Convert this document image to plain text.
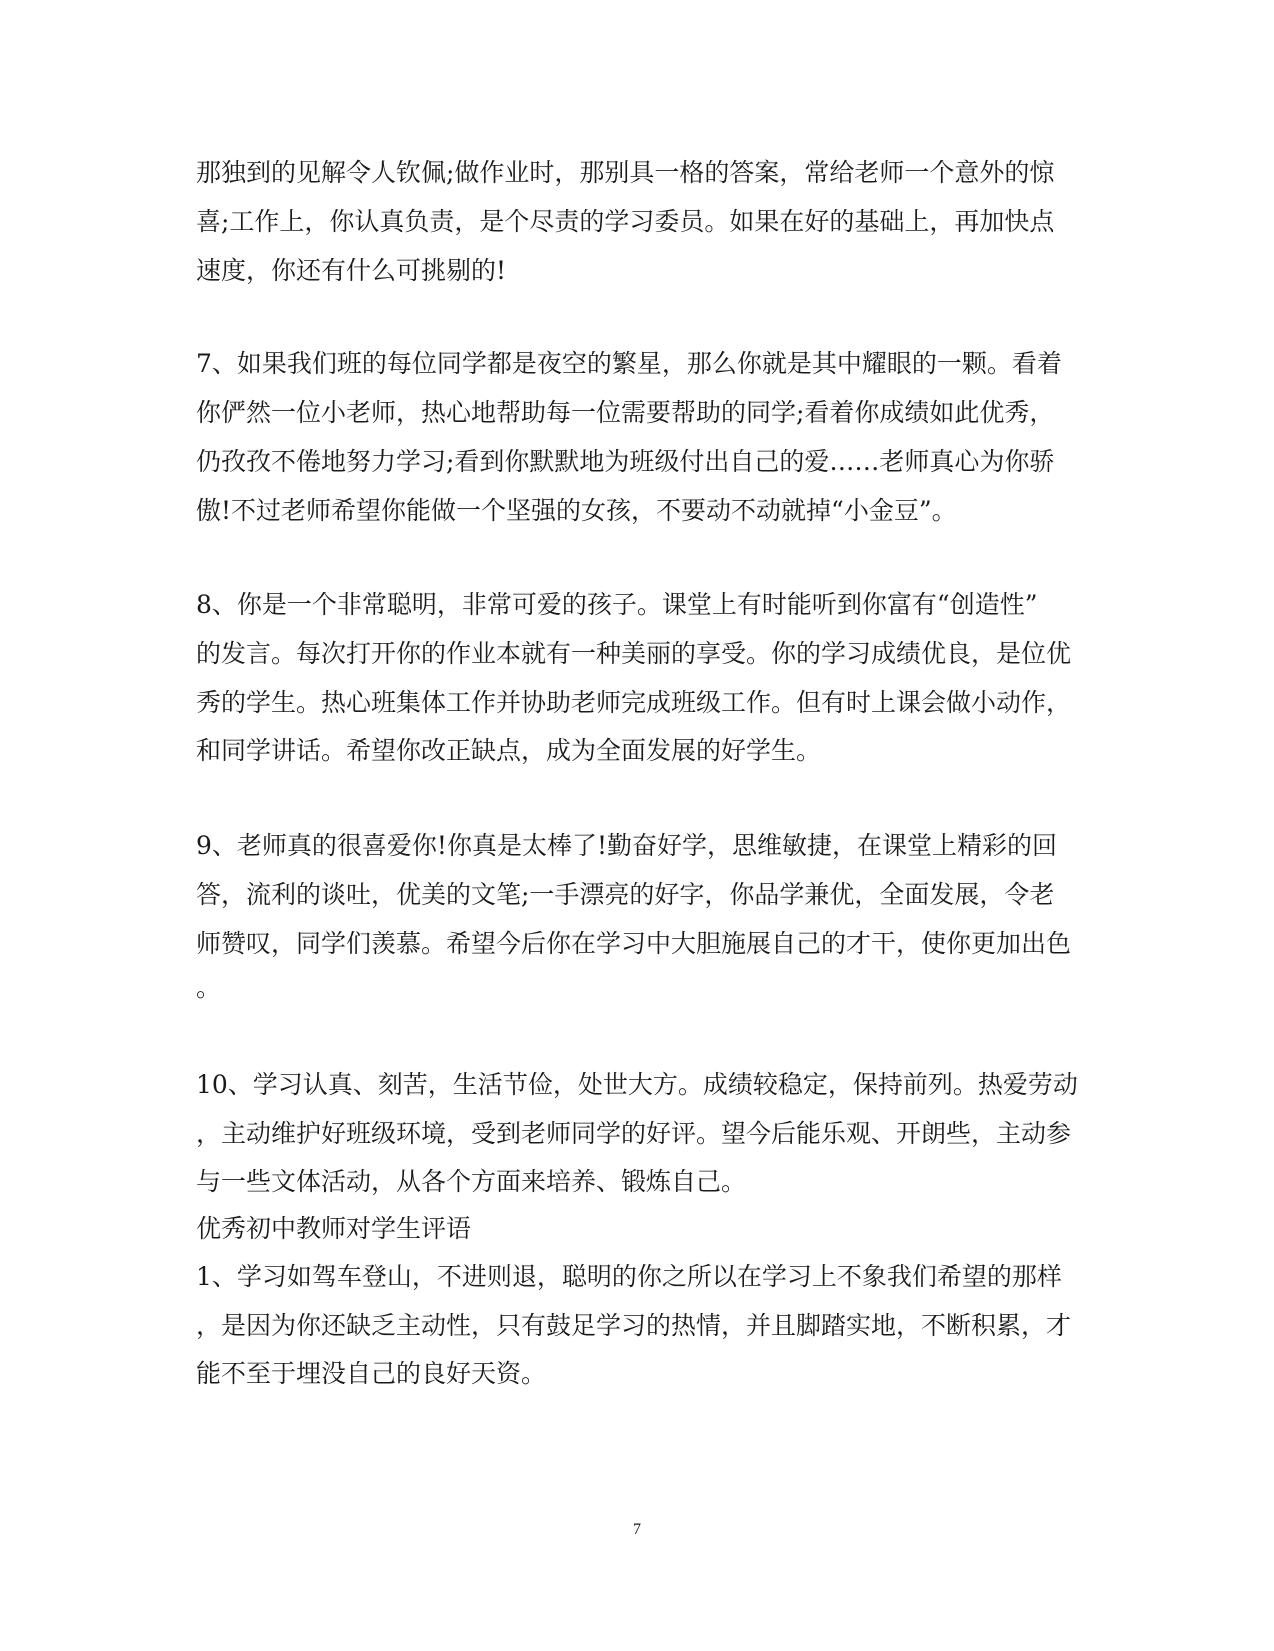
那独到的见解令人钦佩;做作业时，那别具一格的答案，常给老师一个意外的惊
喜;工作上，你认真负责，是个尽责的学习委员。如果在好的基础上，再加快点
速度，你还有什么可挑剔的!
7、如果我们班的每位同学都是夜空的繁星，那么你就是其中耀眼的一颗。看着
你俨然一位小老师，热心地帮助每一位需要帮助的同学;看着你成绩如此优秀，
仍孜孜不倦地努力学习;看到你默默地为班级付出自己的爱……老师真心为你骄
傲!不过老师希望你能做一个坚强的女孩，不要动不动就掉“小金豆”。
8、你是一个非常聪明，非常可爱的孩子。课堂上有时能听到你富有“创造性”
的发言。每次打开你的作业本就有一种美丽的享受。你的学习成绩优良，是位优
秀的学生。热心班集体工作并协助老师完成班级工作。但有时上课会做小动作，
和同学讲话。希望你改正缺点，成为全面发展的好学生。
9、老师真的很喜爱你!你真是太棒了!勤奋好学，思维敏捷，在课堂上精彩的回
答，流利的谈吐，优美的文笔;一手漂亮的好字，你品学兼优，全面发展，令老
师赞叹，同学们羡慕。希望今后你在学习中大胆施展自己的才干，使你更加出色
。
10、学习认真、刻苦，生活节俭，处世大方。成绩较稳定，保持前列。热爱劳动
，主动维护好班级环境，受到老师同学的好评。望今后能乐观、开朗些，主动参
与一些文体活动，从各个方面来培养、锻炼自己。
优秀初中教师对学生评语
1、学习如驾车登山，不进则退，聪明的你之所以在学习上不象我们希望的那样
，是因为你还缺乏主动性，只有鼓足学习的热情，并且脚踏实地，不断积累，才
能不至于埋没自己的良好天资。
7
